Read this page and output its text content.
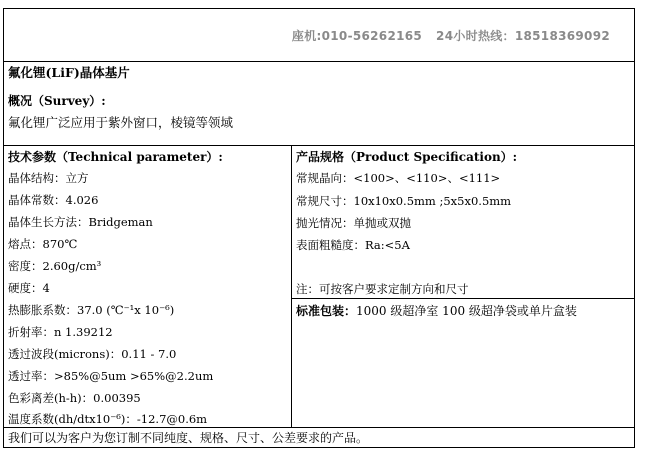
座机:010-56262165 24小时热线：18518369092
氟化锂(LiF)晶体基片
概况（Survey）:
氟化锂广泛应用于紫外窗口，棱镜等领域
技术参数（Technical parameter）:
晶体结构：立方
晶体常数：4.026
晶体生长方法：Bridgeman
熔点：870℃
密度：2.60g/cm³
硬度：4
热膨胀系数：37.0 (℃⁻¹x 10⁻⁶)
折射率：n 1.39212
透过波段(microns)：0.11 - 7.0
透过率：>85%@5um >65%@2.2um
色彩离差(h-h)：0.00395
温度系数(dh/dtx10⁻⁶)：-12.7@0.6m
产品规格（Product Specification）:
常规晶向：<100>、<110>、<111>
常规尺寸：10x10x0.5mm ;5x5x0.5mm
抛光情况：单抛或双抛
表面粗糙度：Ra:<5A
注：可按客户要求定制方向和尺寸
标准包装：1000 级超净室 100 级超净袋或单片盒装
我们可以为客户为您订制不同纯度、规格、尺寸、公差要求的产品。
